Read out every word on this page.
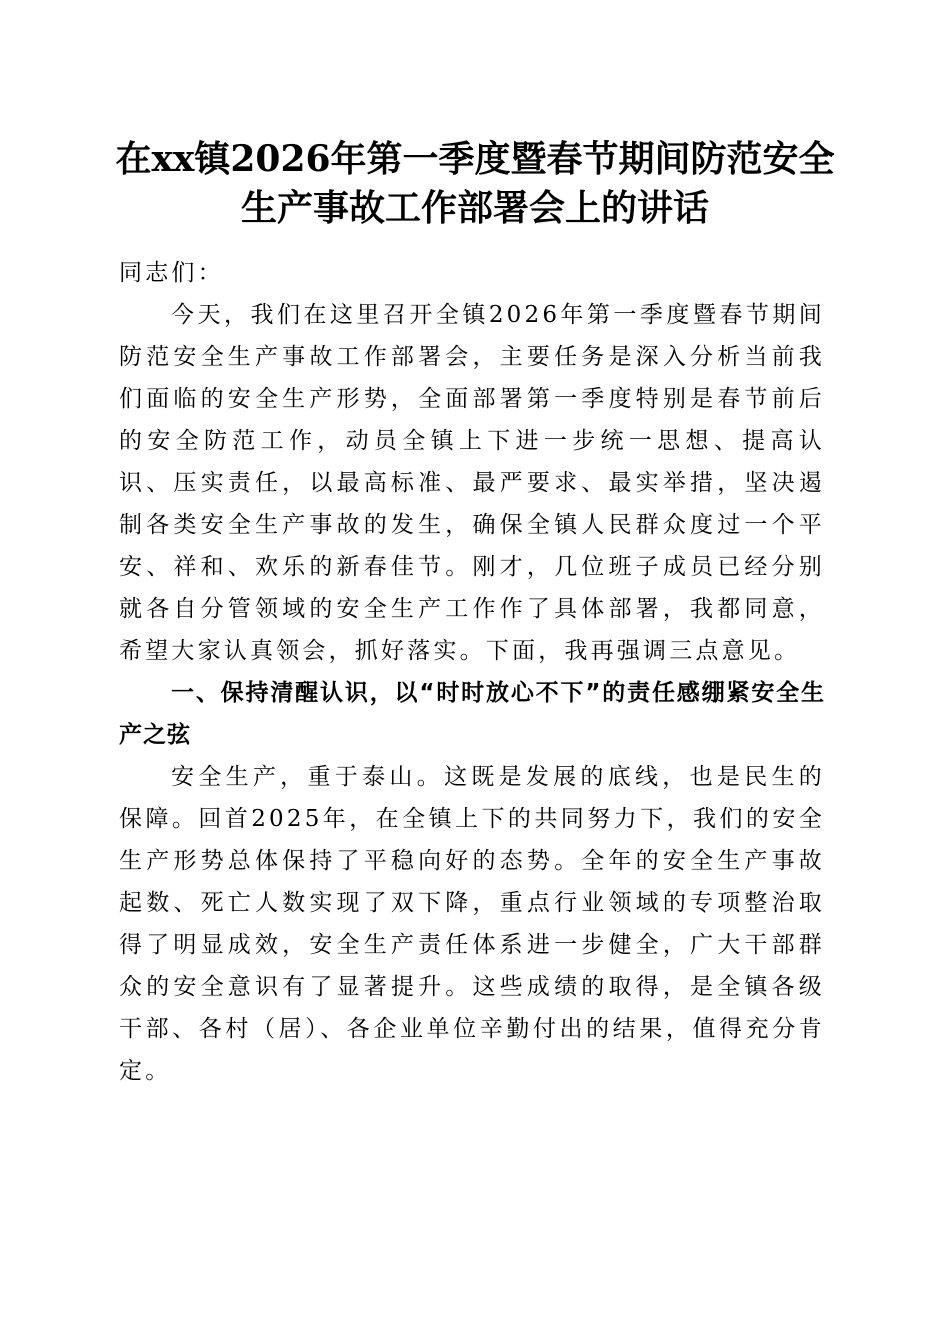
在xx镇2026年第一季度暨春节期间防范安全
生产事故工作部署会上的讲话

同志们：

今天，我们在这里召开全镇2026年第一季度暨春节期间防范安全生产事故工作部署会，主要任务是深入分析当前我们面临的安全生产形势，全面部署第一季度特别是春节前后的安全防范工作，动员全镇上下进一步统一思想、提高认识、压实责任，以最高标准、最严要求、最实举措，坚决遏制各类安全生产事故的发生，确保全镇人民群众度过一个平安、祥和、欢乐的新春佳节。刚才，几位班子成员已经分别就各自分管领域的安全生产工作作了具体部署，我都同意，希望大家认真领会，抓好落实。下面，我再强调三点意见。

一、保持清醒认识，以“时时放心不下”的责任感绷紧安全生产之弦

安全生产，重于泰山。这既是发展的底线，也是民生的保障。回首2025年，在全镇上下的共同努力下，我们的安全生产形势总体保持了平稳向好的态势。全年的安全生产事故起数、死亡人数实现了双下降，重点行业领域的专项整治取得了明显成效，安全生产责任体系进一步健全，广大干部群众的安全意识有了显著提升。这些成绩的取得，是全镇各级干部、各村（居）、各企业单位辛勤付出的结果，值得充分肯定。
